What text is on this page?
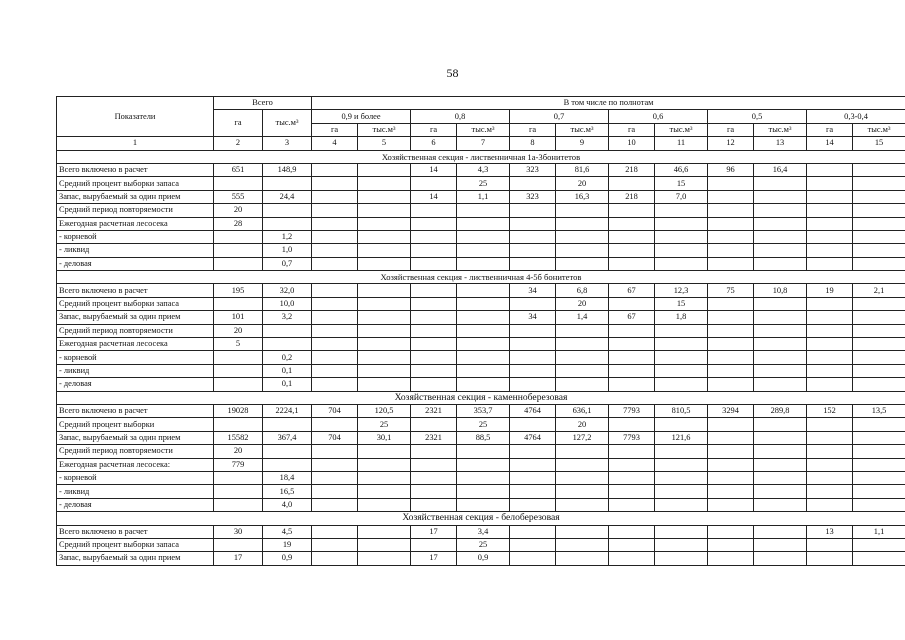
58
Показатели	Всего		В том числе по полнотам											
	га	тыс.м³	0,9 и более		0,8		0,7		0,6		0,5		0,3-0,4	
			га	тыс.м³	га	тыс.м³	га	тыс.м³	га	тыс.м³	га	тыс.м³	га	тыс.м³
1	2	3	4	5	6	7	8	9	10	11	12	13	14	15
Хозяйственная секция - лиственничная 1а-3бонитетов														
Всего включено в расчет	651	148,9			14	4,3	323	81,6	218	46,6	96	16,4		
Средний процент выборки запаса						25		20		15				
Запас, вырубаемый за один прием	555	24,4			14	1,1	323	16,3	218	7,0				
Средний период повторяемости	20													
Ежегодная расчетная лесосека	28													
- корневой		1,2												
- ликвид		1,0												
- деловая		0,7												
Хозяйственная секция - лиственничная 4-5б бонитетов														
Всего включено в расчет	195	32,0					34	6,8	67	12,3	75	10,8	19	2,1
Средний процент выборки запаса		10,0						20		15				
Запас, вырубаемый за один прием	101	3,2					34	1,4	67	1,8				
Средний период повторяемости	20													
Ежегодная расчетная лесосека	5													
- корневой		0,2												
- ликвид		0,1												
- деловая		0,1												
Хозяйственная секция - каменноберезовая														
Всего включено в расчет	19028	2224,1	704	120,5	2321	353,7	4764	636,1	7793	810,5	3294	289,8	152	13,5
Средний процент выборки				25		25		20						
Запас, вырубаемый за один прием	15582	367,4	704	30,1	2321	88,5	4764	127,2	7793	121,6				
Средний период повторяемости	20													
Ежегодная расчетная лесосека:	779													
- корневой		18,4												
- ликвид		16,5												
- деловая		4,0												
Хозяйственная секция - белоберезовая														
Всего включено в расчет	30	4,5			17	3,4							13	1,1
Средний процент выборки запаса		19				25								
Запас, вырубаемый за один прием	17	0,9			17	0,9								
